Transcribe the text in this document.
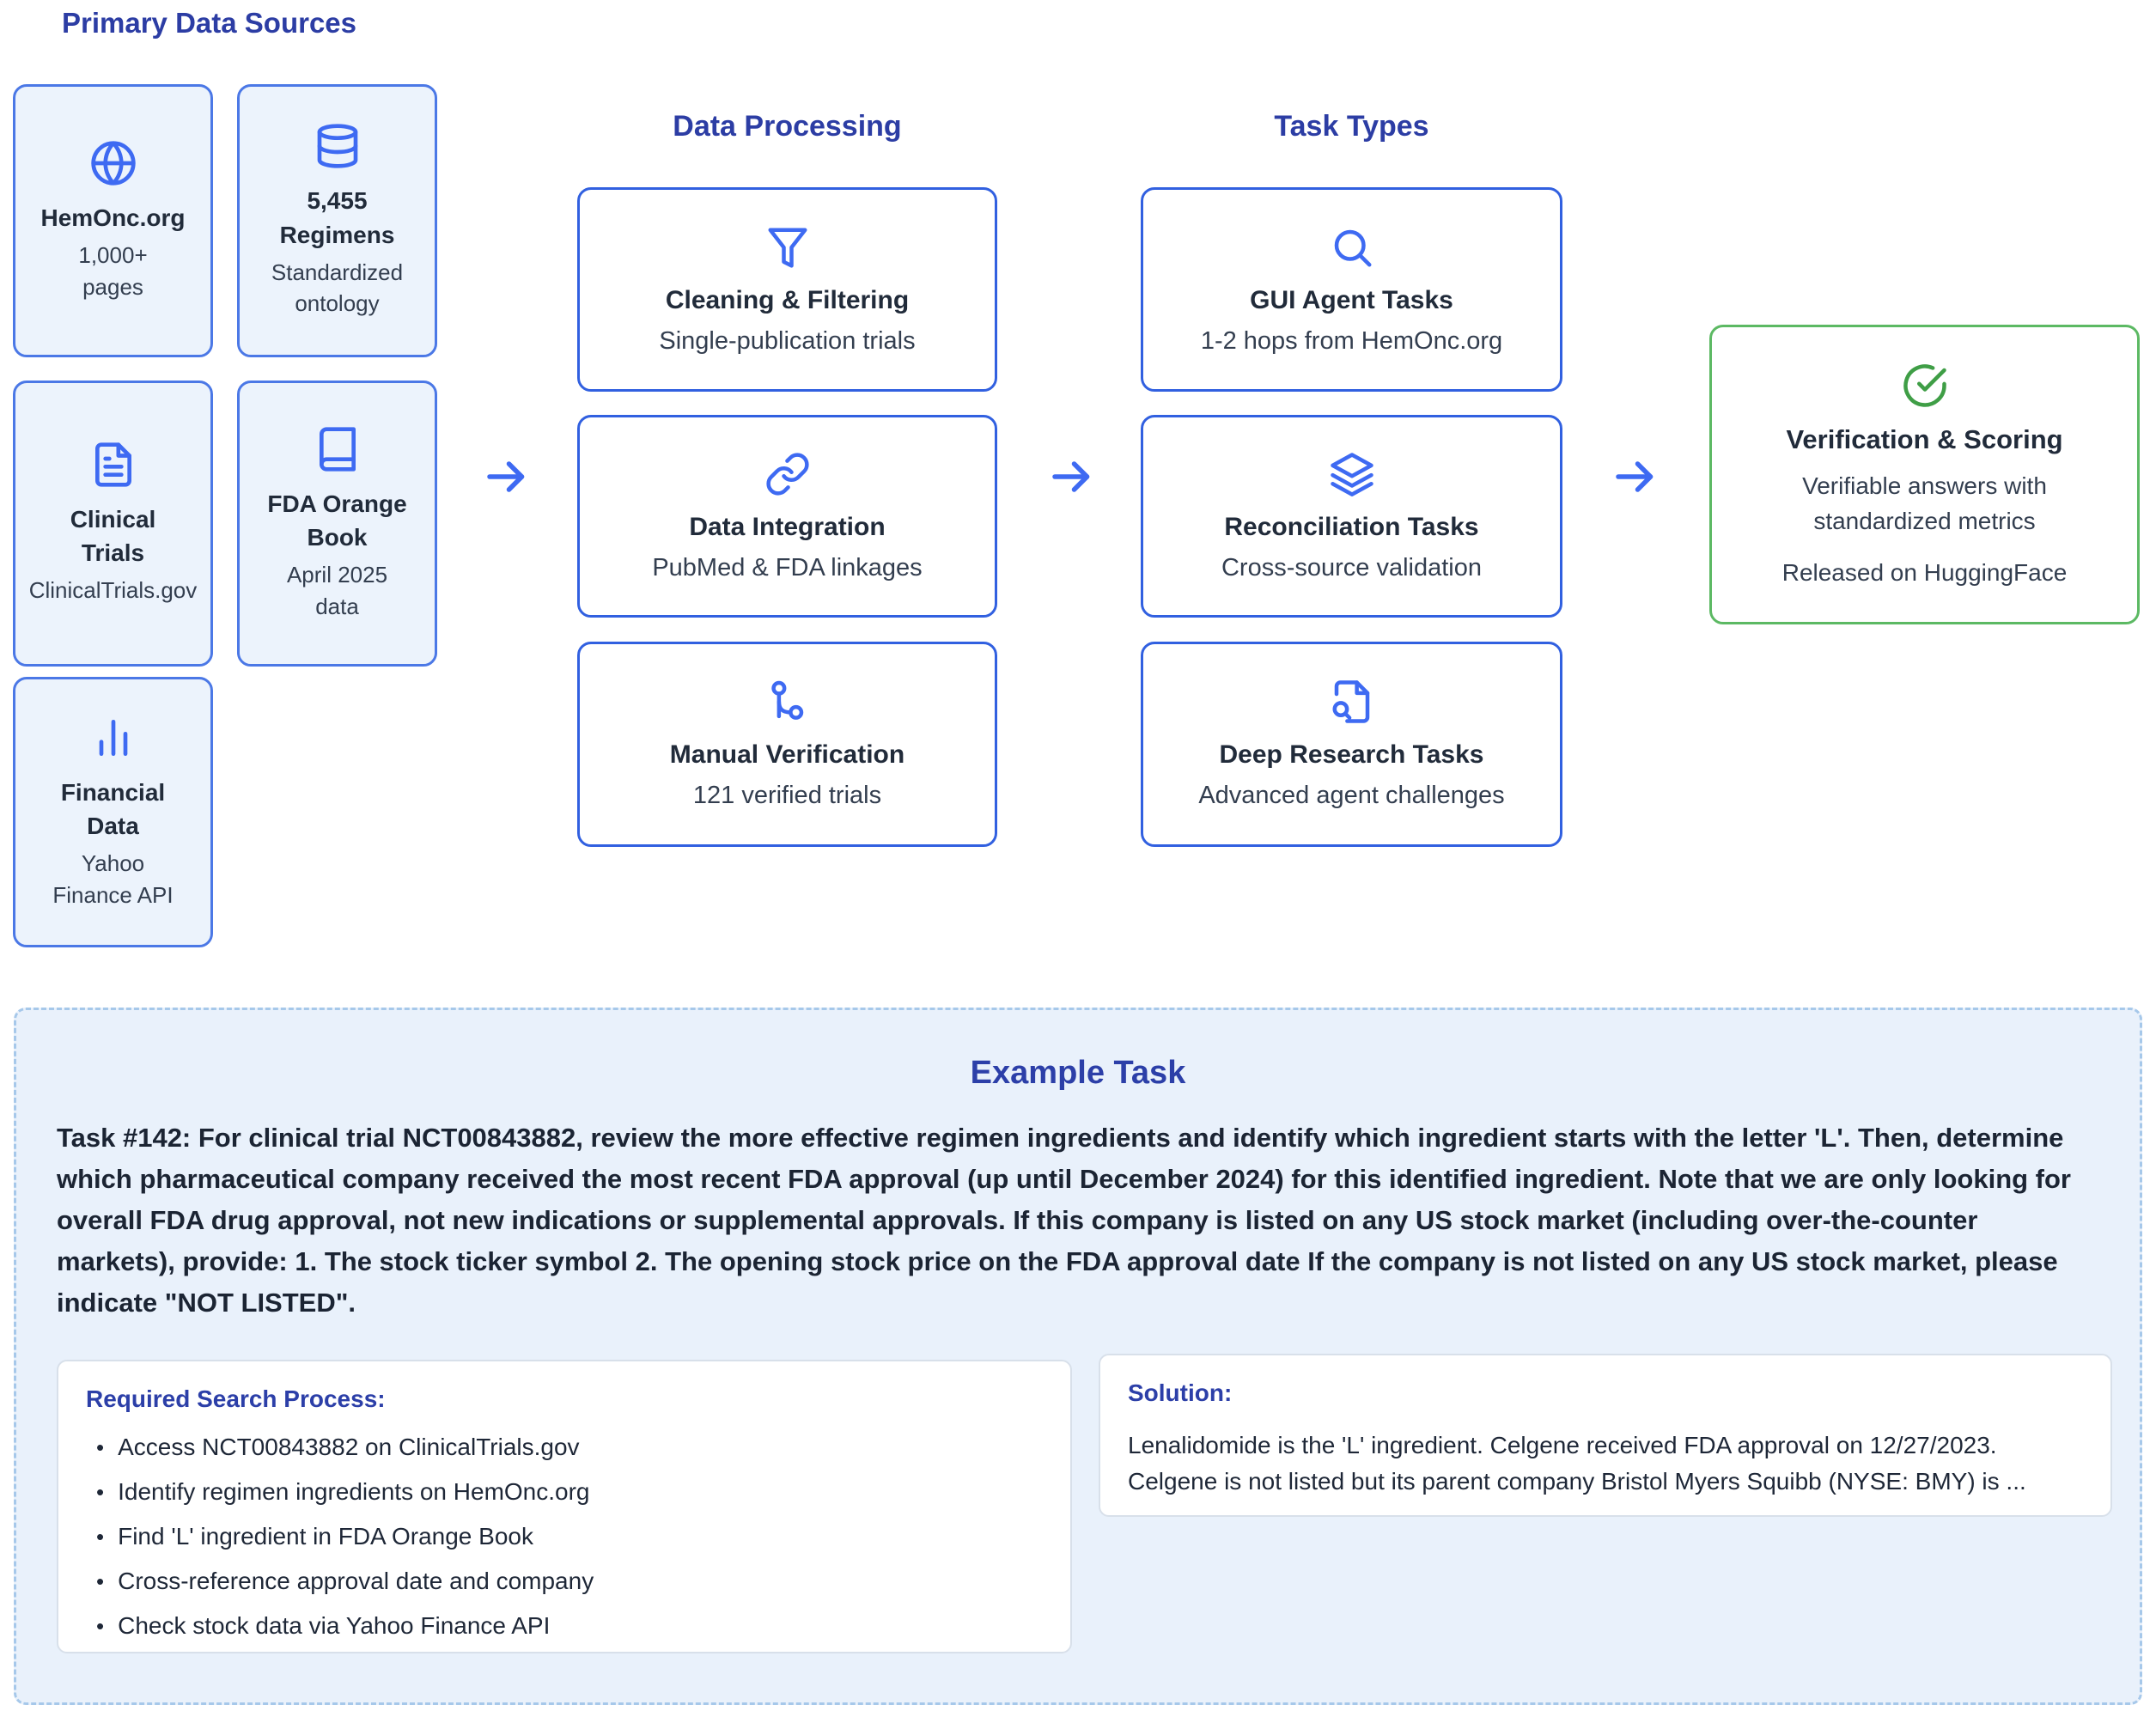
Primary Data Sources
HemOnc.org
1,000+
pages
5,455
Regimens
Standardized
ontology
Clinical
Trials
ClinicalTrials.gov
FDA Orange
Book
April 2025
data
Financial
Data
Yahoo
Finance API
Data Processing
Cleaning & Filtering
Single-publication trials
Data Integration
PubMed & FDA linkages
Manual Verification
121 verified trials
Task Types
GUI Agent Tasks
1-2 hops from HemOnc.org
Reconciliation Tasks
Cross-source validation
Deep Research Tasks
Advanced agent challenges
Verification & Scoring
Verifiable answers with
standardized metrics
Released on HuggingFace
Example Task
Task #142: For clinical trial NCT00843882, review the more effective regimen ingredients and identify which ingredient starts with the letter 'L'. Then, determine which pharmaceutical company received the most recent FDA approval (up until December 2024) for this identified ingredient. Note that we are only looking for overall FDA drug approval, not new indications or supplemental approvals. If this company is listed on any US stock market (including over-the-counter markets), provide: 1. The stock ticker symbol 2. The opening stock price on the FDA approval date If the company is not listed on any US stock market, please indicate "NOT LISTED".
Required Search Process:
• Access NCT00843882 on ClinicalTrials.gov
• Identify regimen ingredients on HemOnc.org
• Find 'L' ingredient in FDA Orange Book
• Cross-reference approval date and company
• Check stock data via Yahoo Finance API
Solution:
Lenalidomide is the 'L' ingredient. Celgene received FDA approval on 12/27/2023. Celgene is not listed but its parent company Bristol Myers Squibb (NYSE: BMY) is ...
